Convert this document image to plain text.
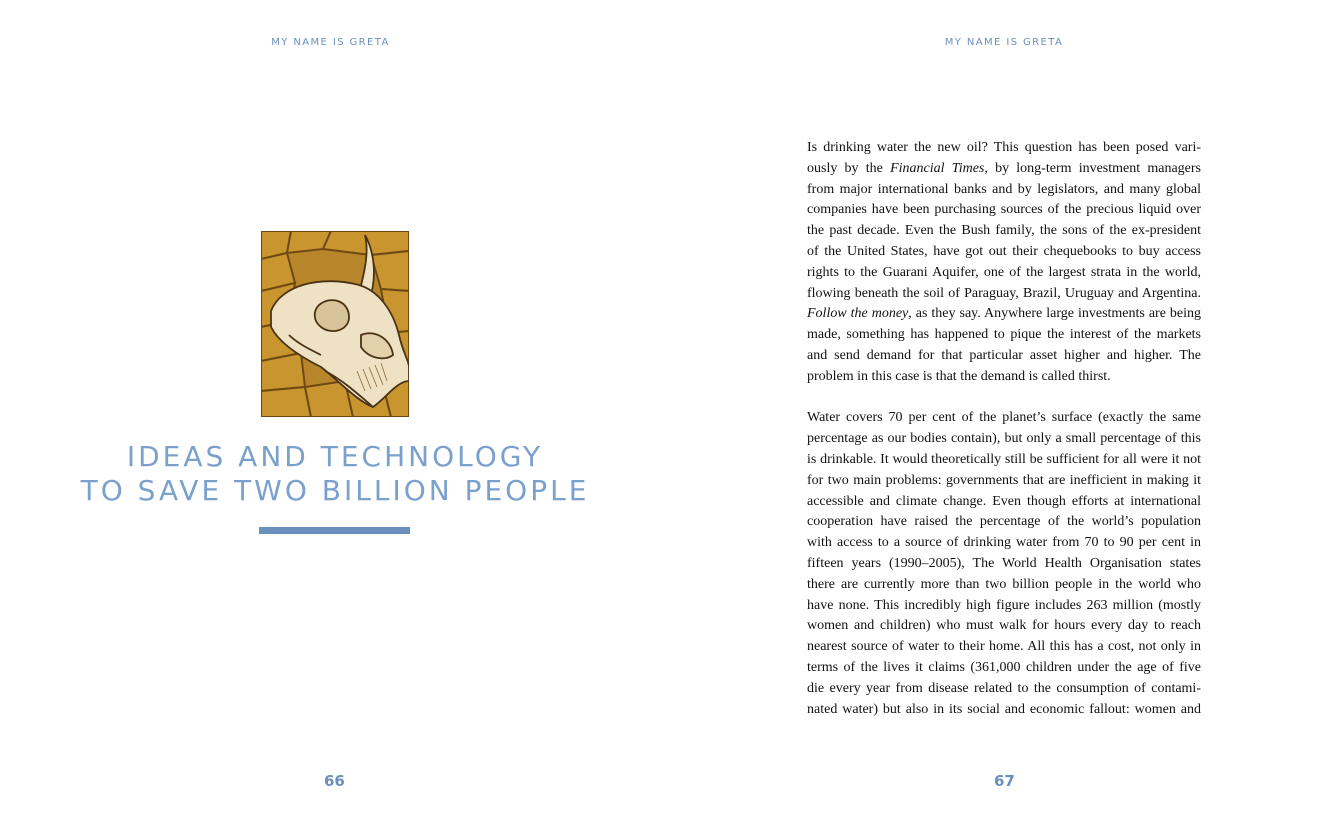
MY NAME IS GRETA
IDEAS AND TECHNOLOGY
TO SAVE TWO BILLION PEOPLE
66
MY NAME IS GRETA

Is drinking water the new oil? This question has been posed vari-
ously by the Financial Times, by long-term investment managers
from major international banks and by legislators, and many global
companies have been purchasing sources of the precious liquid over
the past decade. Even the Bush family, the sons of the ex-president
of the United States, have got out their chequebooks to buy access
rights to the Guarani Aquifer, one of the largest strata in the world,
flowing beneath the soil of Paraguay, Brazil, Uruguay and Argentina.
Follow the money, as they say. Anywhere large investments are being
made, something has happened to pique the interest of the markets
and send demand for that particular asset higher and higher. The
problem in this case is that the demand is called thirst.

Water covers 70 per cent of the planet’s surface (exactly the same
percentage as our bodies contain), but only a small percentage of this
is drinkable. It would theoretically still be sufficient for all were it not
for two main problems: governments that are inefficient in making it
accessible and climate change. Even though efforts at international
cooperation have raised the percentage of the world’s population
with access to a source of drinking water from 70 to 90 per cent in
fifteen years (1990–2005), The World Health Organisation states
there are currently more than two billion people in the world who
have none. This incredibly high figure includes 263 million (mostly
women and children) who must walk for hours every day to reach
nearest source of water to their home. All this has a cost, not only in
terms of the lives it claims (361,000 children under the age of five
die every year from disease related to the consumption of contami-
nated water) but also in its social and economic fallout: women and

67
